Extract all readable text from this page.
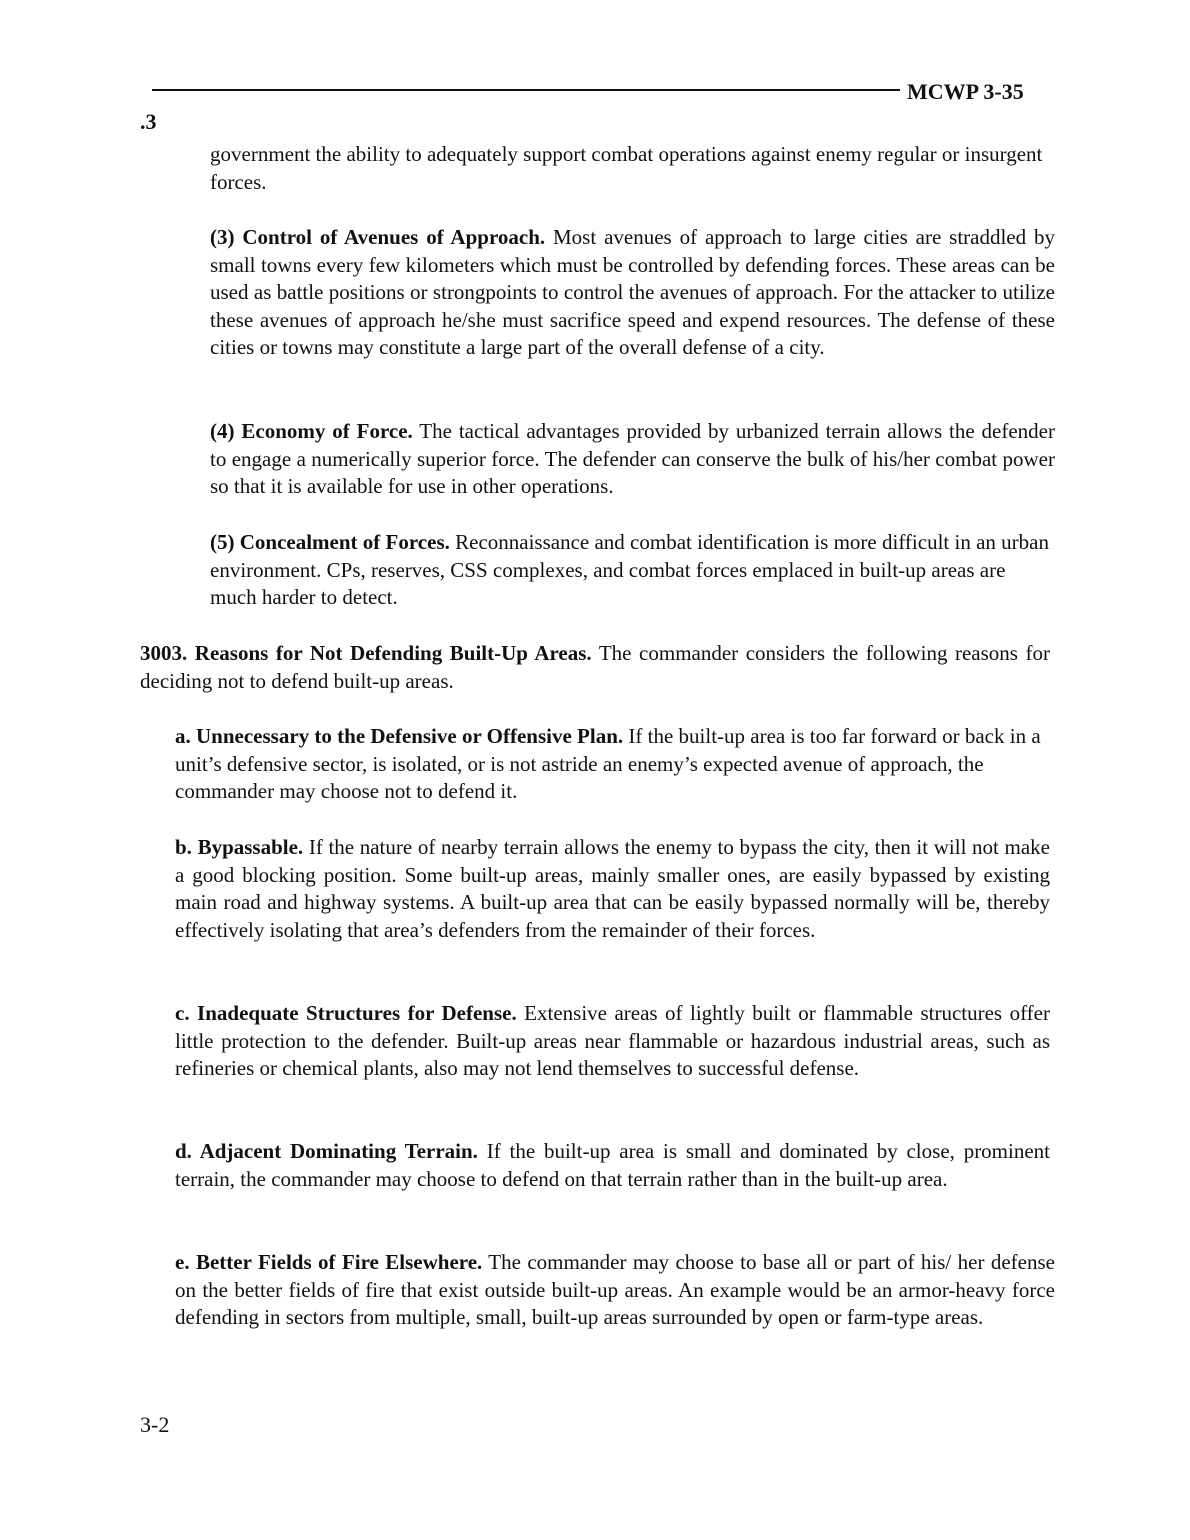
MCWP 3-35
.3

government the ability to adequately support combat operations against enemy regular or insurgent forces.

(3) Control of Avenues of Approach. Most avenues of approach to large cities are straddled by small towns every few kilometers which must be controlled by defending forces. These areas can be used as battle positions or strongpoints to control the avenues of approach. For the attacker to utilize these avenues of approach he/she must sacrifice speed and expend resources. The defense of these cities or towns may constitute a large part of the overall defense of a city.

(4) Economy of Force. The tactical advantages provided by urbanized terrain allows the defender to engage a numerically superior force. The defender can conserve the bulk of his/her combat power so that it is available for use in other operations.

(5) Concealment of Forces. Reconnaissance and combat identification is more difficult in an urban environment. CPs, reserves, CSS complexes, and combat forces emplaced in built-up areas are much harder to detect.

3003. Reasons for Not Defending Built-Up Areas. The commander considers the following reasons for deciding not to defend built-up areas.

a. Unnecessary to the Defensive or Offensive Plan. If the built-up area is too far forward or back in a unit’s defensive sector, is isolated, or is not astride an enemy’s expected avenue of approach, the commander may choose not to defend it.

b. Bypassable. If the nature of nearby terrain allows the enemy to bypass the city, then it will not make a good blocking position. Some built-up areas, mainly smaller ones, are easily bypassed by existing main road and highway systems. A built-up area that can be easily bypassed normally will be, thereby effectively isolating that area’s defenders from the remainder of their forces.

c. Inadequate Structures for Defense. Extensive areas of lightly built or flammable structures offer little protection to the defender. Built-up areas near flammable or hazardous industrial areas, such as refineries or chemical plants, also may not lend themselves to successful defense.

d. Adjacent Dominating Terrain. If the built-up area is small and dominated by close, prominent terrain, the commander may choose to defend on that terrain rather than in the built-up area.

e. Better Fields of Fire Elsewhere. The commander may choose to base all or part of his/ her defense on the better fields of fire that exist outside built-up areas. An example would be an armor-heavy force defending in sectors from multiple, small, built-up areas surrounded by open or farm-type areas.

3-2
